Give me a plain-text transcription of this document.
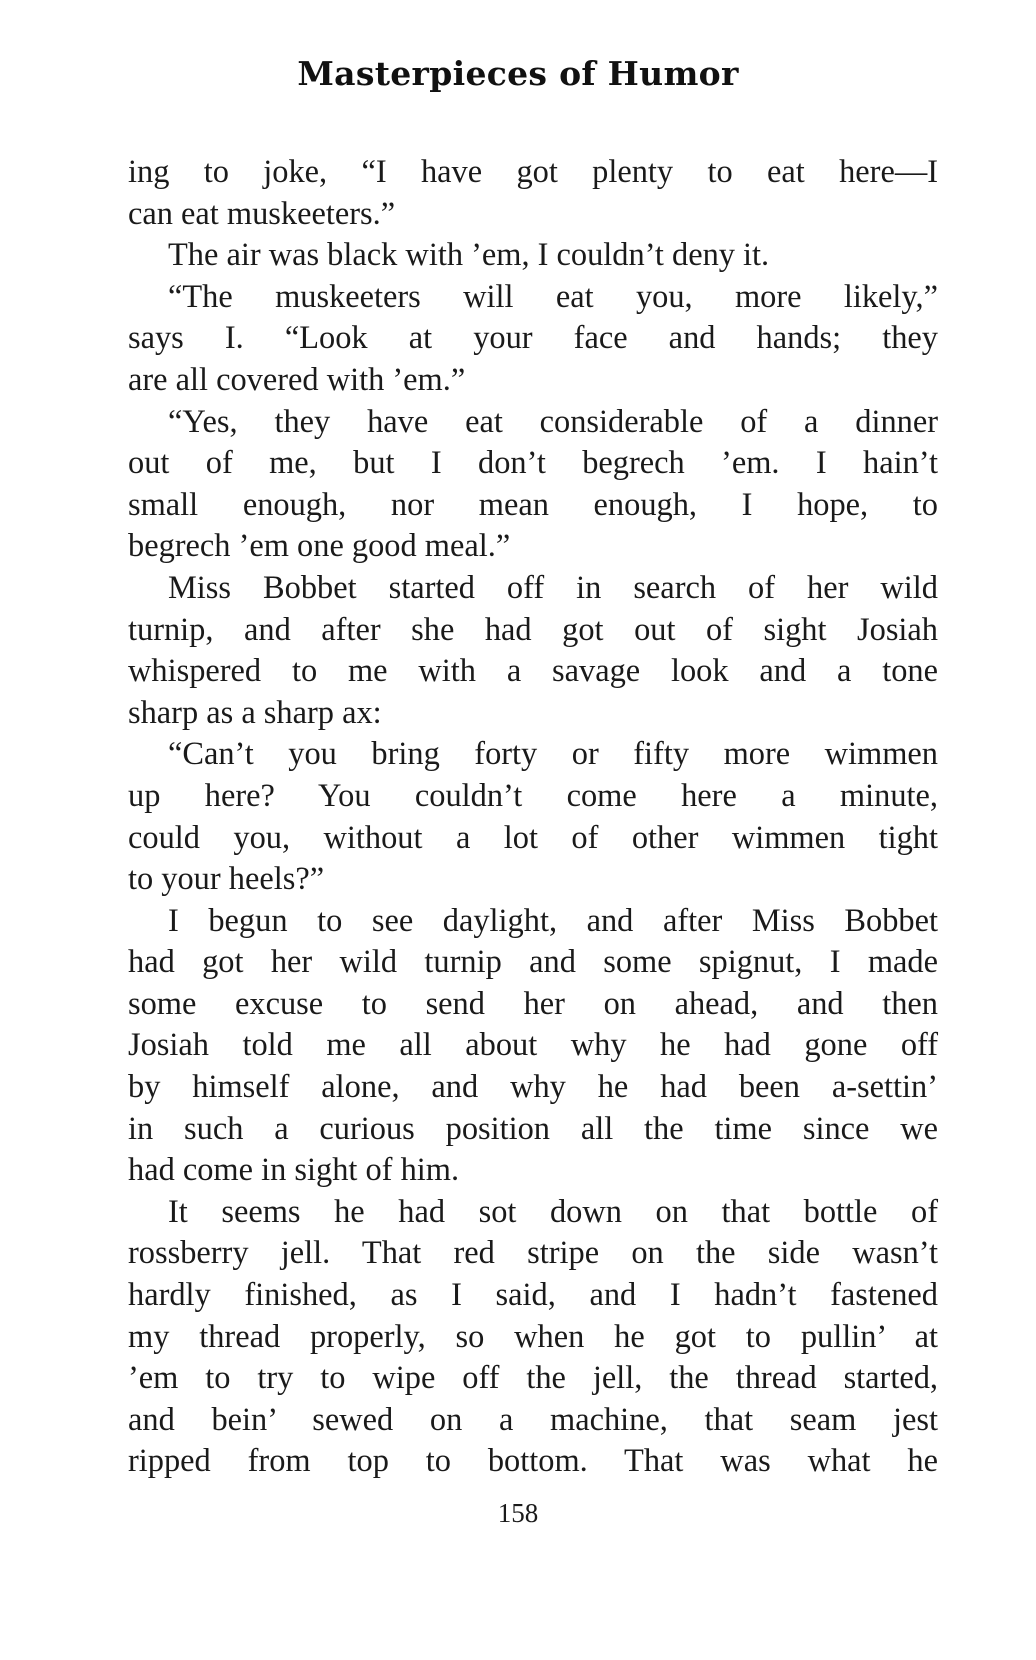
Masterpieces of Humor
ing to joke, “I have got plenty to eat here—I
can eat muskeeters.”
The air was black with ’em, I couldn’t deny it.
“The muskeeters will eat you, more likely,”
says I. “Look at your face and hands; they
are all covered with ’em.”
“Yes, they have eat considerable of a dinner
out of me, but I don’t begrech ’em. I hain’t
small enough, nor mean enough, I hope, to
begrech ’em one good meal.”
Miss Bobbet started off in search of her wild
turnip, and after she had got out of sight Josiah
whispered to me with a savage look and a tone
sharp as a sharp ax:
“Can’t you bring forty or fifty more wimmen
up here? You couldn’t come here a minute,
could you, without a lot of other wimmen tight
to your heels?”
I begun to see daylight, and after Miss Bobbet
had got her wild turnip and some spignut, I made
some excuse to send her on ahead, and then
Josiah told me all about why he had gone off
by himself alone, and why he had been a-settin’
in such a curious position all the time since we
had come in sight of him.
It seems he had sot down on that bottle of
rossberry jell. That red stripe on the side wasn’t
hardly finished, as I said, and I hadn’t fastened
my thread properly, so when he got to pullin’ at
’em to try to wipe off the jell, the thread started,
and bein’ sewed on a machine, that seam jest
ripped from top to bottom. That was what he
158
